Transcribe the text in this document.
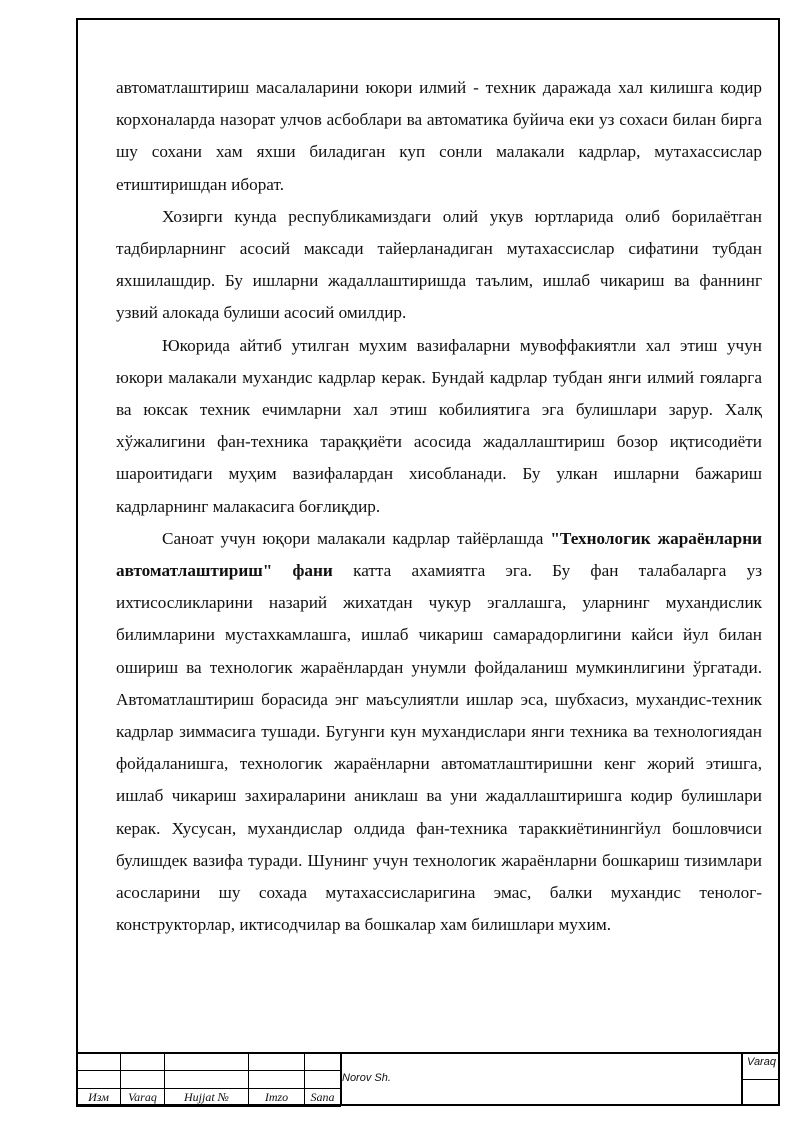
автоматлаштириш масалаларини юкори илмий - техник даражада хал килишга кодир корхоналарда назорат улчов асбоблари ва автоматика буйича еки уз сохаси билан бирга шу сохани хам яхши биладиган куп сонли малакали кадрлар, мутахассислар етиштиришдан иборат.

Хозирги кунда республикамиздаги олий укув юртларида олиб борилаётган тадбирларнинг асосий максади тайерланадиган мутахассислар сифатини тубдан яхшилашдир. Бу ишларни жадаллаштиришда таълим, ишлаб чикариш ва фаннинг узвий алокада булиши асосий омилдир.

Юкорида айтиб утилган мухим вазифаларни мувоффакиятли хал этиш учун юкори малакали мухандис кадрлар керак. Бундай кадрлар тубдан янги илмий гояларга ва юксак техник ечимларни хал этиш кобилиятига эга булишлари зарур. Халқ хўжалигини фан-техника тараққиёти асосида жадаллаштириш бозор иқтисодиёти шароитидаги муҳим вазифалардан хисобланади. Бу улкан ишларни бажариш кадрларнинг малакасига боғлиқдир.

Саноат учун юқори малакали кадрлар тайёрлашда "Технологик жараёнларни автоматлаштириш" фани катта ахамиятга эга. Бу фан талабаларга уз ихтисосликларини назарий жихатдан чукур эгаллашга, уларнинг мухандислик билимларини мустахкамлашга, ишлаб чикариш самарадорлигини кайси йул билан ошириш ва технологик жараёнлардан унумли фойдаланиш мумкинлигини ўргатади. Автоматлаштириш борасида энг маъсулиятли ишлар эса, шубхасиз, мухандис-техник кадрлар зиммасига тушади. Бугунги кун мухандислари янги техника ва технологиядан фойдаланишга, технологик жараёнларни автоматлаштиришни кенг жорий этишга, ишлаб чикариш захираларини аниклаш ва уни жадаллаштиришга кодир булишлари керак. Хусусан, мухандислар олдида фан-техника тараккиётинингйул бошловчиси булишдек вазифа туради. Шунинг учун технологик жараёнларни бошкариш тизимлари асосларини шу сохада мутахассисларигина эмас, балки мухандис тенолог-конструкторлар, иктисодчилар ва бошкалар хам билишлари мухим.

Изм	Varaq	Hujjat №	Imzo	Sana
Norov Sh.
Varaq
